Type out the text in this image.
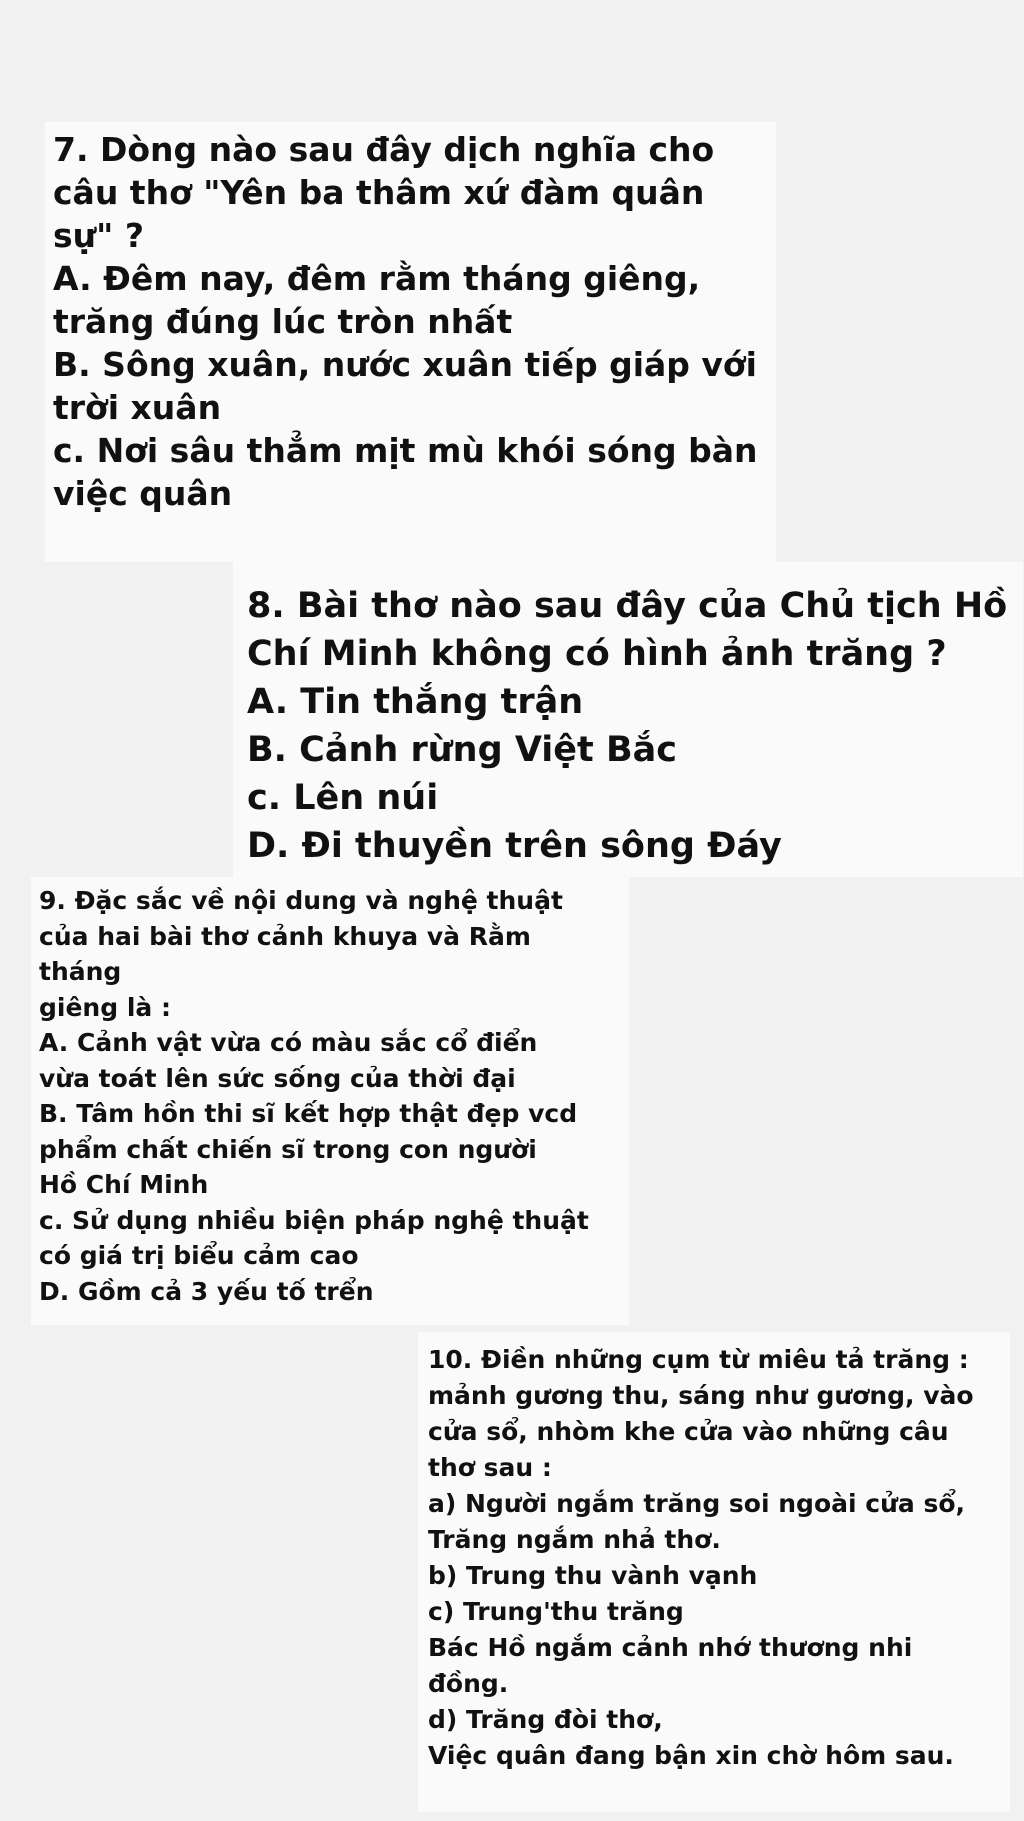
7. Dòng nào sau đây dịch nghĩa cho

câu thơ "Yên ba thâm xứ đàm quân

sự" ?

A. Đêm nay, đêm rằm tháng giêng,

trăng đúng lúc tròn nhất

B. Sông xuân, nước xuân tiếp giáp với

trời xuân

c. Nơi sâu thẳm mịt mù khói sóng bàn

việc quân

8. Bài thơ nào sau đây của Chủ tịch Hồ

Chí Minh không có hình ảnh trăng ?

A. Tin thắng trận

B. Cảnh rừng Việt Bắc

c. Lên núi

D. Đi thuyền trên sông Đáy

9. Đặc sắc về nội dung và nghệ thuật

của hai bài thơ cảnh khuya và Rằm

tháng

giêng là :

A. Cảnh vật vừa có màu sắc cổ điển

vừa toát lên sức sống của thời đại

B. Tâm hồn thi sĩ kết hợp thật đẹp vcd

phẩm chất chiến sĩ trong con người

Hồ Chí Minh

c. Sử dụng nhiều biện pháp nghệ thuật

có giá trị biểu cảm cao

D. Gồm cả 3 yếu tố trển

10. Điền những cụm từ miêu tả trăng :

mảnh gương thu, sáng như gương, vào

cửa sổ, nhòm khe cửa vào những câu

thơ sau :

a) Người ngắm trăng soi ngoài cửa sổ,

Trăng ngắm nhả thơ.

b) Trung thu vành vạnh

c) Trung'thu trăng

Bác Hồ ngắm cảnh nhớ thương nhi

đồng.

d) Trăng đòi thơ,

Việc quân đang bận xin chờ hôm sau.
